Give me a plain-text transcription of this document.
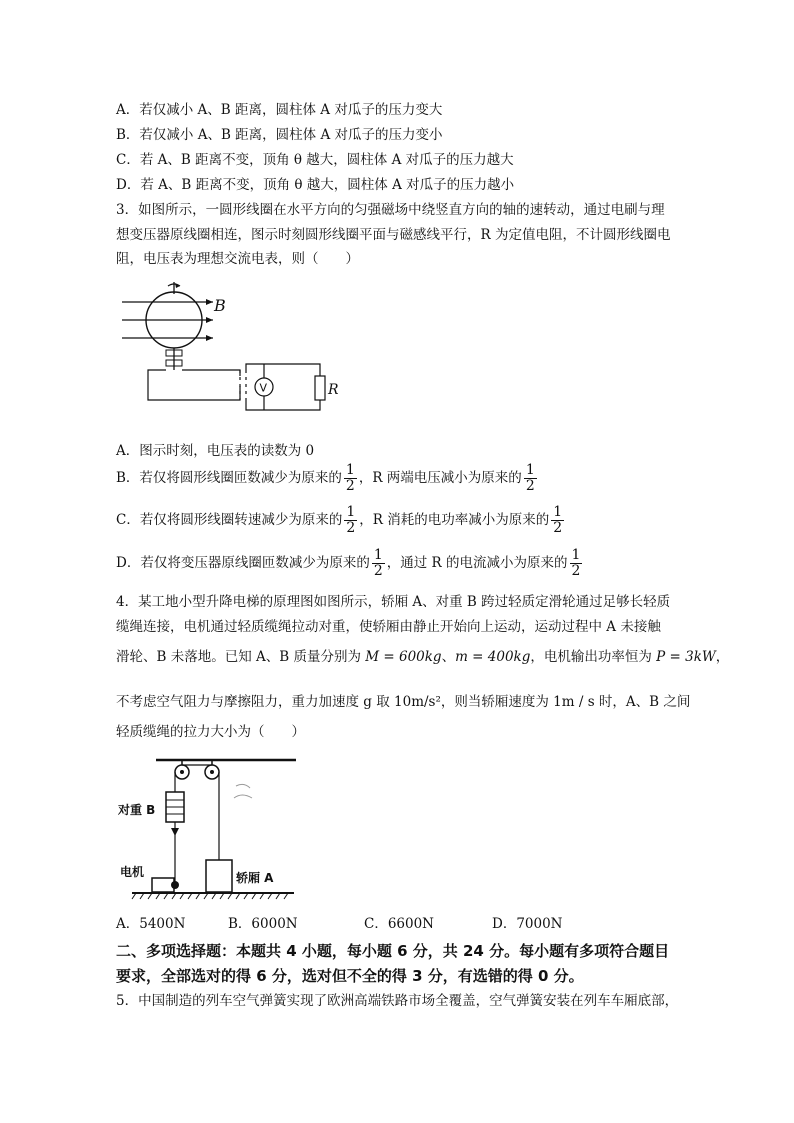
A．若仅减小 A、B 距离，圆柱体 A 对瓜子的压力变大
B．若仅减小 A、B 距离，圆柱体 A 对瓜子的压力变小
C．若 A、B 距离不变，顶角 θ 越大，圆柱体 A 对瓜子的压力越大
D．若 A、B 距离不变，顶角 θ 越大，圆柱体 A 对瓜子的压力越小
3．如图所示，一圆形线圈在水平方向的匀强磁场中绕竖直方向的轴的速转动，通过电刷与理
想变压器原线圈相连，图示时刻圆形线圈平面与磁感线平行，R 为定值电阻，不计圆形线圈电
阻，电压表为理想交流电表，则（　　）
B
V	R
A．图示时刻，电压表的读数为 0
B．若仅将圆形线圈匝数减少为原来的 $\frac{1}{2}$ ，R 两端电压减小为原来的 $\frac{1}{2}$
C．若仅将圆形线圈转速减少为原来的 $\frac{1}{2}$ ，R 消耗的电功率减小为原来的 $\frac{1}{2}$
D．若仅将变压器原线圈匝数减少为原来的 $\frac{1}{2}$ ，通过 R 的电流减小为原来的 $\frac{1}{2}$
4．某工地小型升降电梯的原理图如图所示，轿厢 A、对重 B 跨过轻质定滑轮通过足够长轻质
缆绳连接，电机通过轻质缆绳拉动对重，使轿厢由静止开始向上运动，运动过程中 A 未接触
滑轮、B 未落地。已知 A、B 质量分别为 M = 600kg、m = 400kg，电机输出功率恒为 P = 3kW，
不考虑空气阻力与摩擦阻力，重力加速度 g 取 10m/s²，则当轿厢速度为 1m / s 时，A、B 之间
轻质缆绳的拉力大小为（　　）
对重 B
电机	轿厢 A
A．5400N	B．6000N	C．6600N	D．7000N
二、多项选择题：本题共 4 小题，每小题 6 分，共 24 分。每小题有多项符合题目
要求，全部选对的得 6 分，选对但不全的得 3 分，有选错的得 0 分。
5．中国制造的列车空气弹簧实现了欧洲高端铁路市场全覆盖，空气弹簧安装在列车车厢底部，
